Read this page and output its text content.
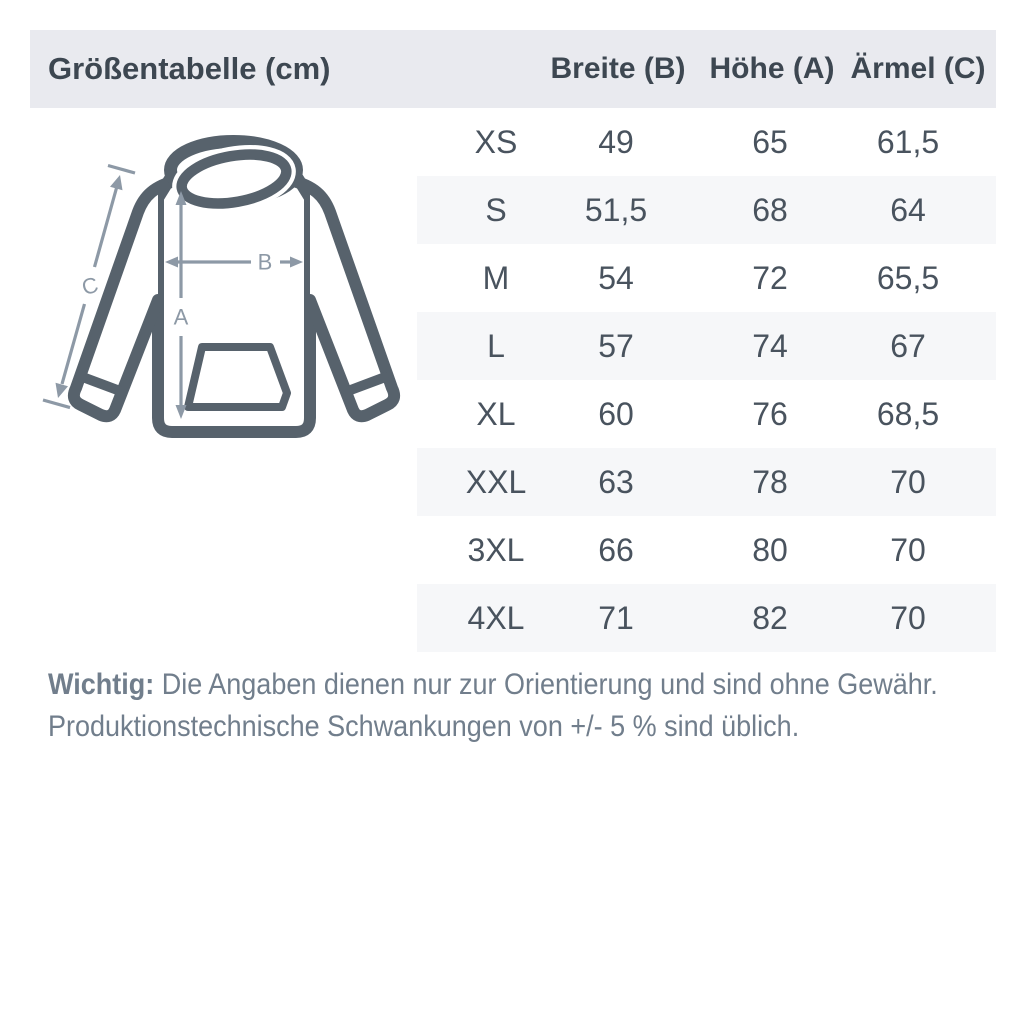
Größentabelle (cm)	Breite (B) Höhe (A) Ärmel (C)
A
B
C
XS	49	65	61,5
S 51,5	68	64
M	54	72	65,5
L	57	74	67
XL	60	76	68,5
XXL 63	78	70
3XL 66	80	70
4XL 71	82	70
Wichtig: Die Angaben dienen nur zur Orientierung und sind ohne Gewähr.
Produktionstechnische Schwankungen von +/- 5 % sind üblich.
